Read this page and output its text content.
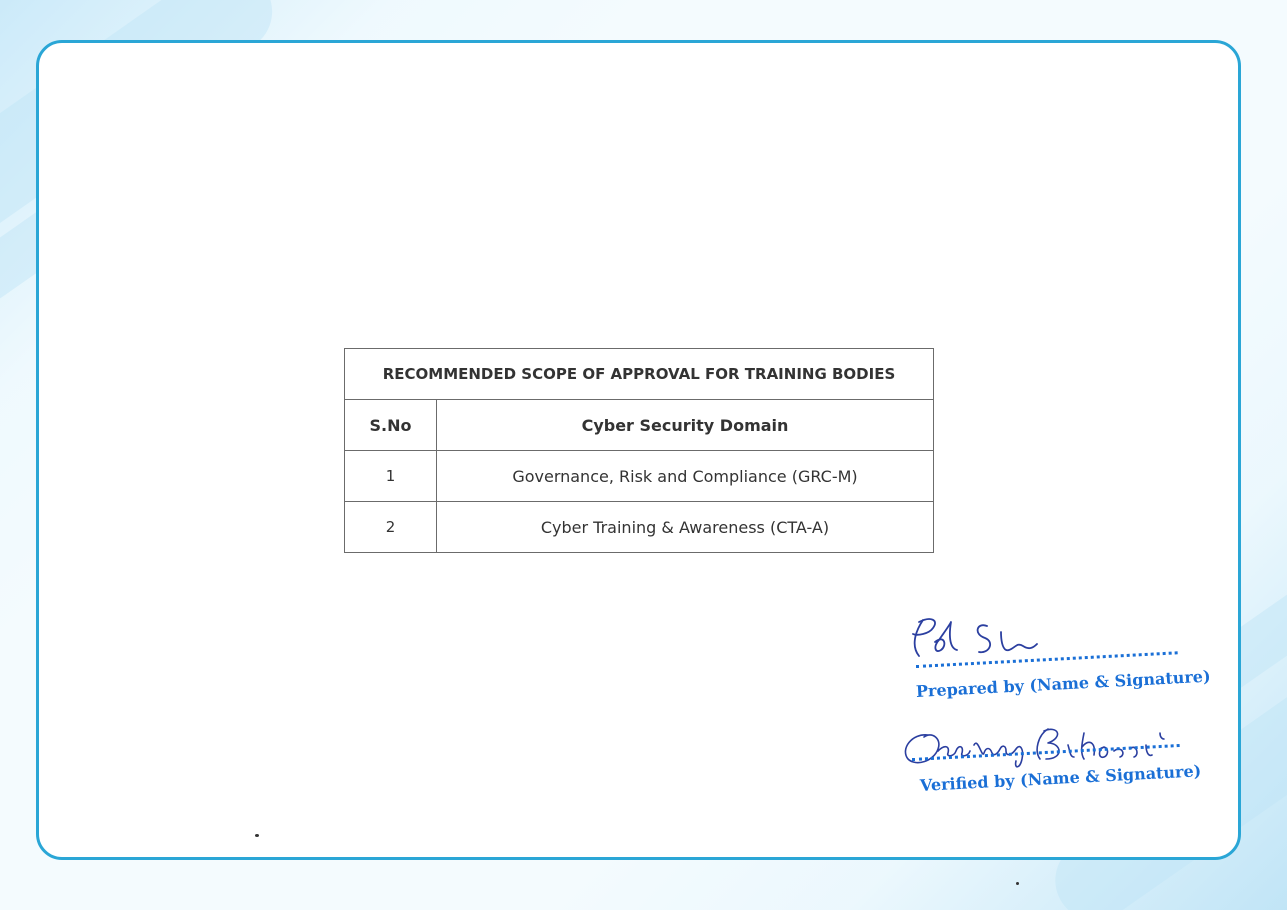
RECOMMENDED SCOPE OF APPROVAL FOR TRAINING BODIES	
S.No	Cyber Security Domain
1	Governance, Risk and Compliance (GRC-M)
2	Cyber Training & Awareness (CTA-A)
Prepared by (Name & Signature)
Verified by (Name & Signature)
